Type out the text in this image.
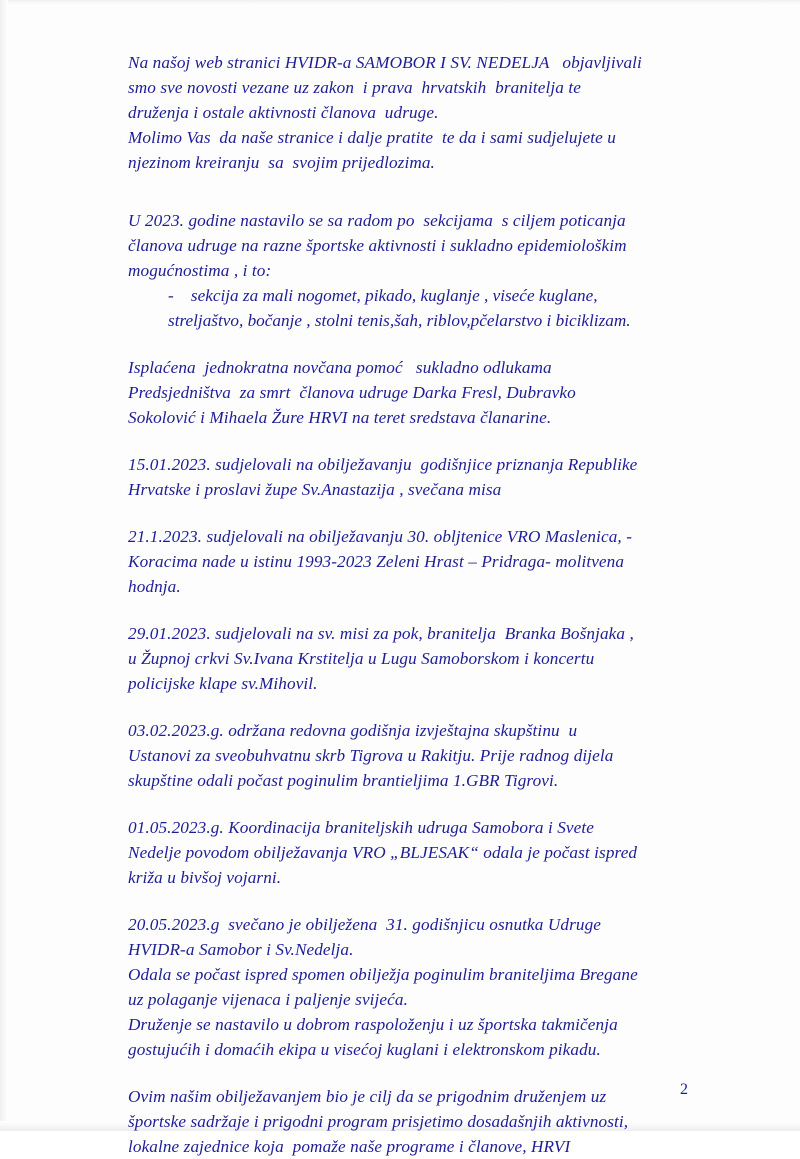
Na našoj web stranici HVIDR-a SAMOBOR I SV. NEDELJA   objavljivali
smo sve novosti vezane uz zakon  i prava  hrvatskih  branitelja te
druženja i ostale aktivnosti članova  udruge.
Molimo Vas  da naše stranice i dalje pratite  te da i sami sudjelujete u
njezinom kreiranju  sa  svojim prijedlozima.
U 2023. godine nastavilo se sa radom po  sekcijama  s ciljem poticanja
članova udruge na razne športske aktivnosti i sukladno epidemiološkim
mogućnostima , i to:
-    sekcija za mali nogomet, pikado, kuglanje , viseće kuglane,
streljaštvo, bočanje , stolni tenis,šah, riblov,pčelarstvo i biciklizam.
Isplaćena  jednokratna novčana pomoć   sukladno odlukama
Predsjedništva  za smrt  članova udruge Darka Fresl, Dubravko
Sokolović i Mihaela Žure HRVI na teret sredstava članarine.
15.01.2023. sudjelovali na obilježavanju  godišnjice priznanja Republike
Hrvatske i proslavi župe Sv.Anastazija , svečana misa
21.1.2023. sudjelovali na obilježavanju 30. obljtenice VRO Maslenica, -
Koracima nade u istinu 1993-2023 Zeleni Hrast – Pridraga- molitvena
hodnja.
29.01.2023. sudjelovali na sv. misi za pok, branitelja  Branka Bošnjaka ,
u Župnoj crkvi Sv.Ivana Krstitelja u Lugu Samoborskom i koncertu
policijske klape sv.Mihovil.
03.02.2023.g. održana redovna godišnja izvještajna skupštinu  u
Ustanovi za sveobuhvatnu skrb Tigrova u Rakitju. Prije radnog dijela
skupštine odali počast poginulim brantieljima 1.GBR Tigrovi.
01.05.2023.g. Koordinacija braniteljskih udruga Samobora i Svete
Nedelje povodom obilježavanja VRO „BLJESAK“ odala je počast ispred
križa u bivšoj vojarni.
20.05.2023.g  svečano je obilježena  31. godišnjicu osnutka Udruge
HVIDR-a Samobor i Sv.Nedelja.
Odala se počast ispred spomen obilježja poginulim braniteljima Bregane
uz polaganje vijenaca i paljenje svijeća.
Druženje se nastavilo u dobrom raspoloženju i uz športska takmičenja
gostujućih i domaćih ekipa u visećoj kuglani i elektronskom pikadu.
Ovim našim obilježavanjem bio je cilj da se prigodnim druženjem uz
športske sadržaje i prigodni program prisjetimo dosadašnjih aktivnosti,
lokalne zajednice koja  pomaže naše programe i članove, HRVI
2
